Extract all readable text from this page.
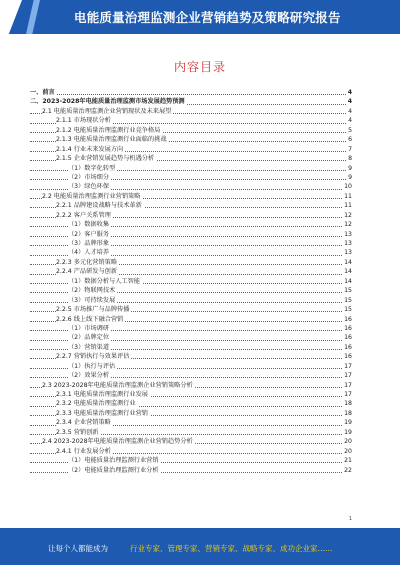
电能质量治理监测企业营销趋势及策略研究报告
内容目录
一、前言	4
二、2023-2028年电能质量治理监测市场发展趋势预测	4
2.1 电能质量治理监测企业营销现状及未来展望	4
2.1.1 市场现状分析	4
2.1.2 电能质量治理监测行业竞争格局	5
2.1.3 电能质量治理监测行业面临的挑战	6
2.1.4 行业未来发展方向	7
2.1.5 企业营销发展趋势与机遇分析	8
（1）数字化转型	9
（2）市场细分	9
（3）绿色环保	10
2.2 电能质量治理监测行业营销策略	11
2.2.1 品牌建设战略与技术革新	11
2.2.2 客户关系管理	12
（1）数据收集	12
（2）客户服务	13
（3）品牌形象	13
（4）人才培养	13
2.2.3 多元化营销策略	14
2.2.4 产品研发与创新	14
（1）数据分析与人工智能	14
（2）物联网技术	15
（3）可持续发展	15
2.2.5 市场推广与品牌传播	15
2.2.6 线上线下融合营销	16
（1）市场调研	16
（2）品牌定位	16
（3）营销渠道	16
2.2.7 营销执行与效果评估	16
（1）执行与评估	17
（2）效果分析	17
2.3 2023-2028年电能质量治理监测企业营销策略分析	17
2.3.1 电能质量治理监测行业发展	17
2.3.2 电能质量治理监测行业	18
2.3.3 电能质量治理监测行业营销	18
2.3.4 企业营销策略	19
2.3.5 营销创新	19
2.4 2023-2028年电能质量治理监测企业营销趋势分析	20
2.4.1 行业发展分析	20
（1）电能质量治理监测行业营销	21
（2）电能质量治理监测行业分析	22
1
让每个人都能成为	行业专家、管理专家、营销专家、战略专家、成功企业家……
